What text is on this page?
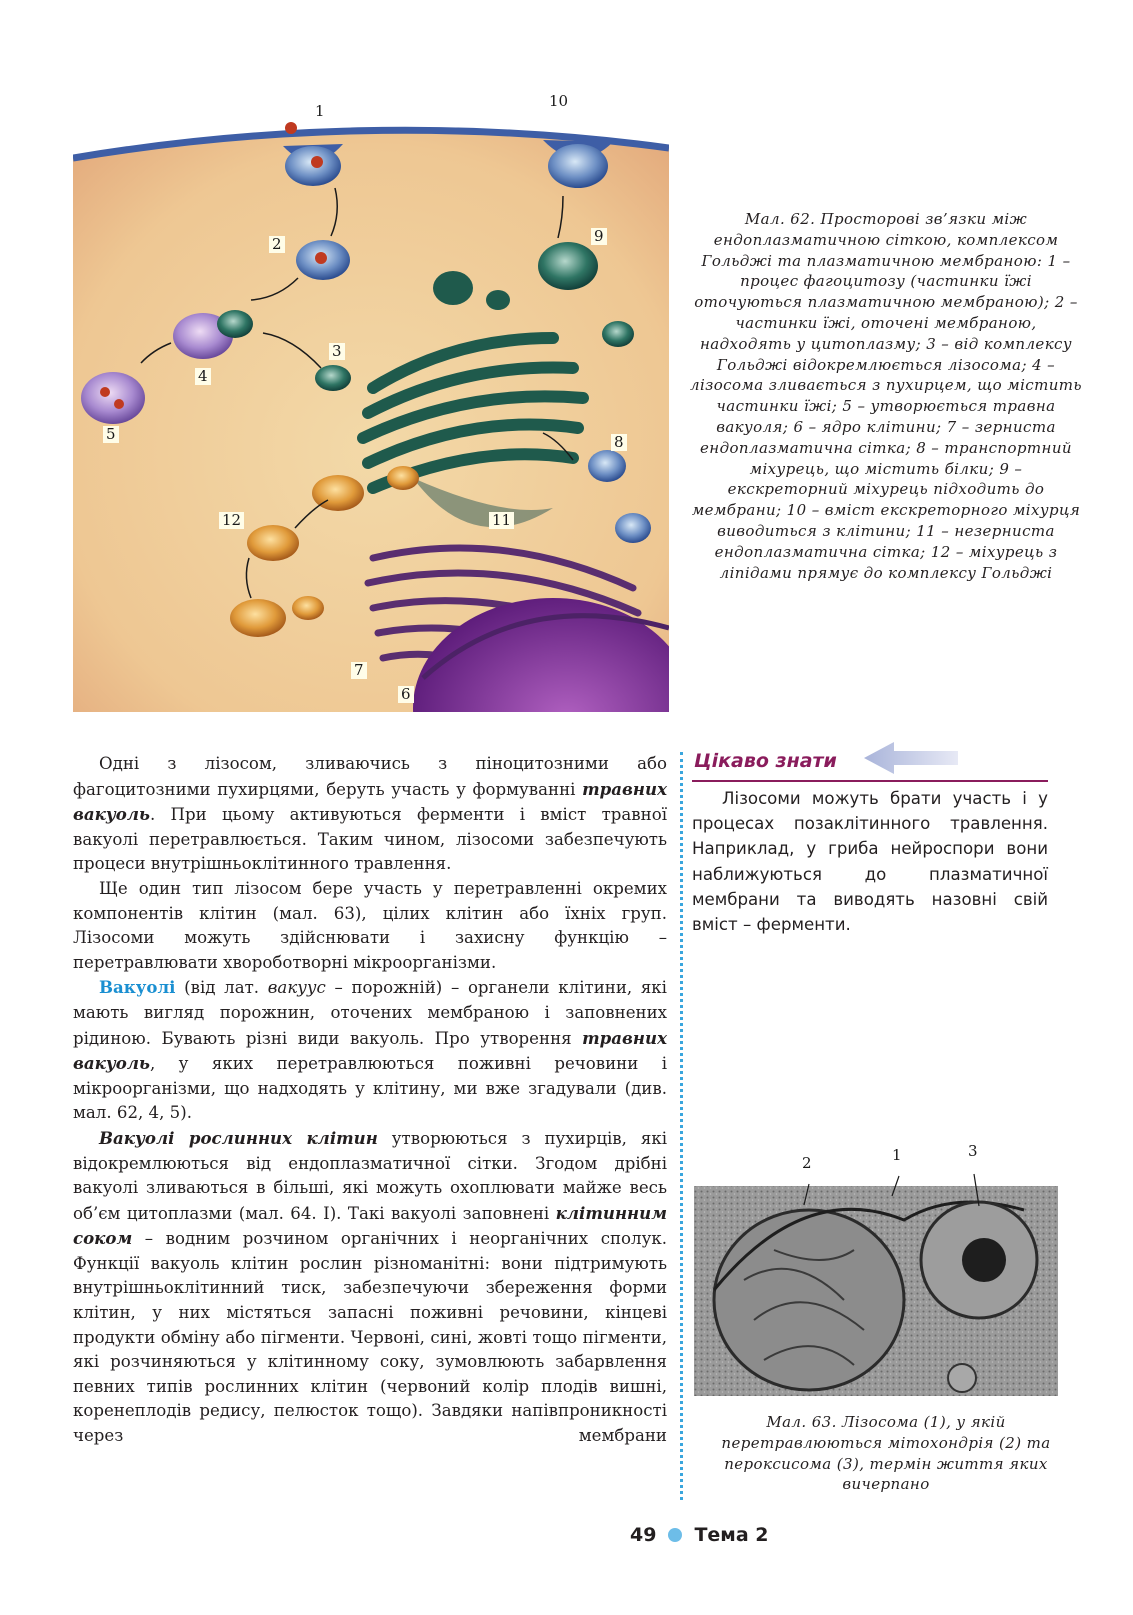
1
2
3
4
5
6
7
8
9
10
11
12
Мал. 62. Просторові зв’язки між ендоплазматичною сіткою, комплексом Гольджі та плазматичною мембраною: 1 – процес фагоцитозу (частинки їжі оточуються плазматичною мембраною); 2 – частинки їжі, оточені мембраною, надходять у цитоплазму; 3 – від комплексу Гольджі відокремлюється лізосома; 4 – лізосома зливається з пухирцем, що містить частинки їжі; 5 – утворюється травна вакуоля; 6 – ядро клітини; 7 – зерниста ендоплазматична сітка; 8 – транспортний міхурець, що містить білки; 9 – екскреторний міхурець підходить до мембрани; 10 – вміст екскреторного міхурця виводиться з клітини; 11 – незерниста ендоплазматична сітка; 12 – міхурець з ліпідами прямує до комплексу Гольджі

Одні з лізосом, зливаючись з піноцитозними або фагоцитозними пухирцями, беруть участь у формуванні травних вакуоль. При цьому активуються ферменти і вміст травної вакуолі перетравлюється. Таким чином, лізосоми забезпечують процеси внутрішньоклітинного травлення.

Ще один тип лізосом бере участь у перетравленні окремих компонентів клітин (мал. 63), цілих клітин або їхніх груп. Лізосоми можуть здійснювати і захисну функцію – перетравлювати хвороботворні мікроорганізми.

Вакуолі (від лат. вакуус – порожній) – органели клітини, які мають вигляд порожнин, оточених мембраною і заповнених рідиною. Бувають різні види вакуоль. Про утворення травних вакуоль, у яких перетравлюються поживні речовини і мікроорганізми, що надходять у клітину, ми вже згадували (див. мал. 62, 4, 5).

Вакуолі рослинних клітин утворюються з пухирців, які відокремлюються від ендоплазматичної сітки. Згодом дрібні вакуолі зливаються в більші, які можуть охоплювати майже весь об’єм цитоплазми (мал. 64. І). Такі вакуолі заповнені клітинним соком – водним розчином органічних і неорганічних сполук. Функції вакуоль клітин рослин різноманітні: вони підтримують внутрішньоклітинний тиск, забезпечуючи збереження форми клітин, у них містяться запасні поживні речовини, кінцеві продукти обміну або пігменти. Червоні, сині, жовті тощо пігменти, які розчиняються у клітинному соку, зумовлюють забарвлення певних типів рослинних клітин (червоний колір плодів вишні, коренеплодів редису, пелюсток тощо). Завдяки напівпроникності через мембрани

Цікаво знати
Лізосоми можуть брати участь і у процесах позаклітинного травлення. Наприклад, у гриба нейроспори вони наближуються до плазматичної мембрани та виводять назовні свій вміст – ферменти.
2	1	3
Мал. 63. Лізосома (1), у якій перетравлюються мітохондрія (2) та пероксисома (3), термін життя яких вичерпано
49 Тема 2
